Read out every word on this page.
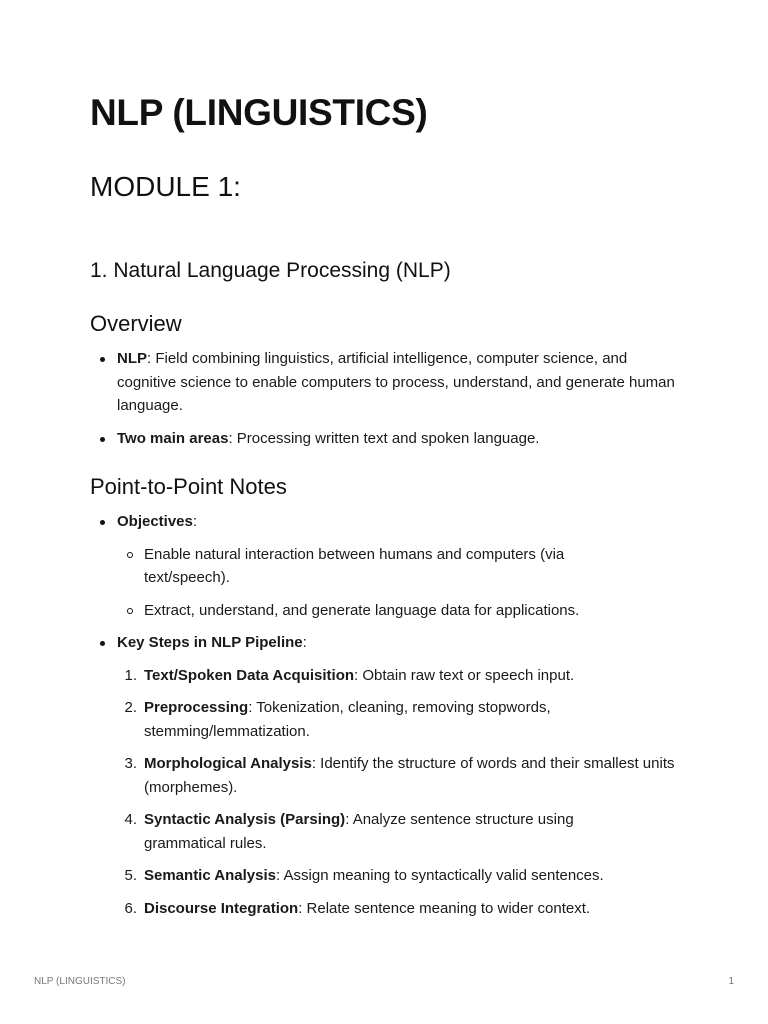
NLP (LINGUISTICS)
MODULE 1:
1. Natural Language Processing (NLP)
Overview
NLP: Field combining linguistics, artificial intelligence, computer science, and cognitive science to enable computers to process, understand, and generate human language.
Two main areas: Processing written text and spoken language.
Point-to-Point Notes
Objectives:
Enable natural interaction between humans and computers (via text/speech).
Extract, understand, and generate language data for applications.
Key Steps in NLP Pipeline:
1. Text/Spoken Data Acquisition: Obtain raw text or speech input.
2. Preprocessing: Tokenization, cleaning, removing stopwords, stemming/lemmatization.
3. Morphological Analysis: Identify the structure of words and their smallest units (morphemes).
4. Syntactic Analysis (Parsing): Analyze sentence structure using grammatical rules.
5. Semantic Analysis: Assign meaning to syntactically valid sentences.
6. Discourse Integration: Relate sentence meaning to wider context.
NLP (LINGUISTICS)	1
